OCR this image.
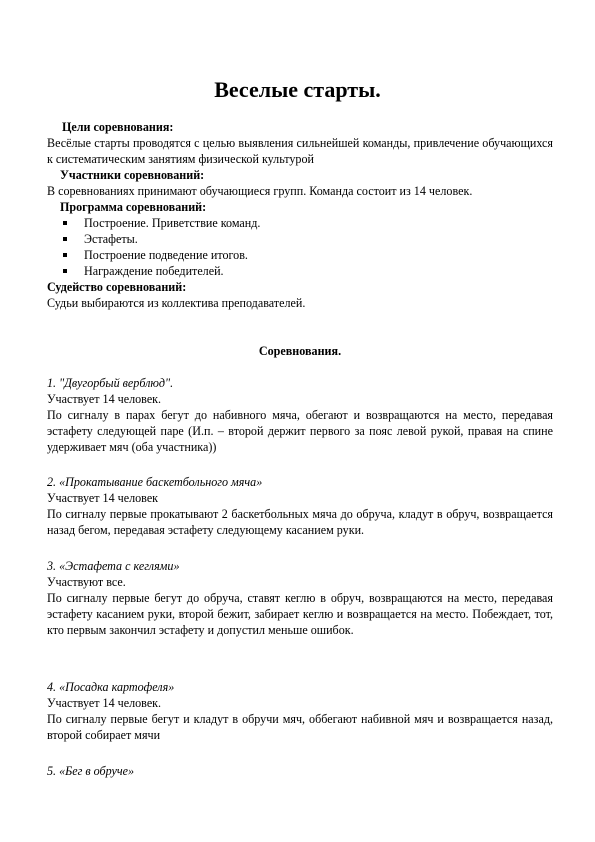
Веселые старты.
Цели соревнования:
Весёлые старты проводятся с целью выявления сильнейшей команды, привлечение обучающихся к систематическим занятиям физической культурой
Участники соревнований:
В соревнованиях принимают обучающиеся групп. Команда состоит из 14 человек.
Программа соревнований:
Построение. Приветствие команд.
Эстафеты.
Построение подведение итогов.
Награждение победителей.
Судейство соревнований:
Судьи выбираются из коллектива преподавателей.
Соревнования.
1. "Двугорбый верблюд".
Участвует 14 человек.
По сигналу в парах бегут до набивного мяча, обегают и возвращаются на место, передавая эстафету следующей паре (И.п. – второй держит первого за пояс левой рукой, правая на спине удерживает мяч (оба участника))
2. «Прокатывание баскетбольного мяча»
Участвует 14 человек
По сигналу первые прокатывают 2 баскетбольных мяча до обруча, кладут в обруч, возвращается назад бегом, передавая эстафету следующему касанием руки.
3. «Эстафета с кеглями»
Участвуют все.
По сигналу первые бегут до обруча, ставят кеглю в обруч, возвращаются на место, передавая эстафету касанием руки, второй бежит, забирает кеглю и возвращается на место. Побеждает, тот, кто первым закончил эстафету и допустил меньше ошибок.
4. «Посадка картофеля»
Участвует 14 человек.
По сигналу первые бегут и кладут в обручи мяч, оббегают набивной мяч и возвращается назад, второй собирает мячи
5. «Бег в обруче»
